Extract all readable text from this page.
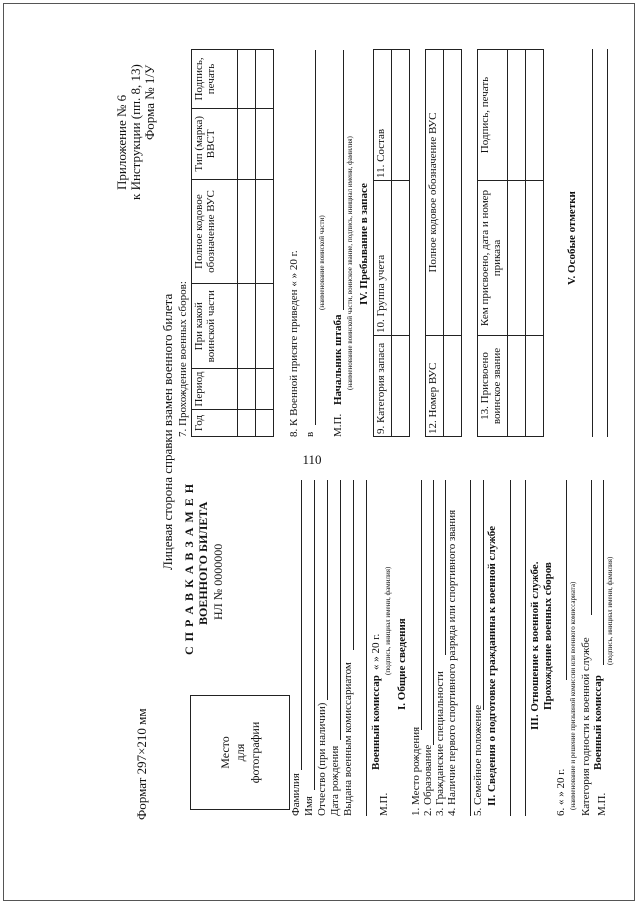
110
Формат 297×210 мм
Приложение № 6 к Инструкции (пп. 8, 13) Форма № 1/У
Лицевая сторона справки взамен военного билета
Место для фотографии
С П Р А В К А В З А М Е Н ВОЕННОГО БИЛЕТА НЛ № 0000000
Фамилия Имя Отчество (при наличии) Дата рождения Выдана военным комиссариатом М.П.
Военный комиссар
« » 20 г. (подпись, инициал имени, фамилия) I. Общие сведения
1. Место рождения 2. Образование 3. Гражданские специальности 4. Наличие первого спортивного разряда или спортивного звания 5. Семейное положение II. Сведения о подготовке гражданина к военной службе	III. Отношение к военной службе. Прохождение военных сборов
6. « » 20 г. (наименование и решение призывной комиссии или военного комиссариата) Категория годности к военной службе М.П.
Военный комиссар
(подпись, инициал имени, фамилия)
7. Прохождение военных сборов: Год	Период	При какой воинской части	Полное кодовое обозначение ВУС	Тип (марка) ВВСТ	Подпись, печать

8. К Военной присяге приведен « » 20 г. в
(наименование воинской части)
М.П.
Начальник штаба (наименование воинской части, воинское звание, подпись, инициал имени, фамилия) IV. Пребывание в запасе
9. Категория запаса	10. Группа учета	11. Состав

12. Номер ВУС	Полное кодовое обозначение ВУС

13. Присвоено воинское звание	Кем присвоено, дата и номер приказа	Подпись, печать

V. Особые отметки
